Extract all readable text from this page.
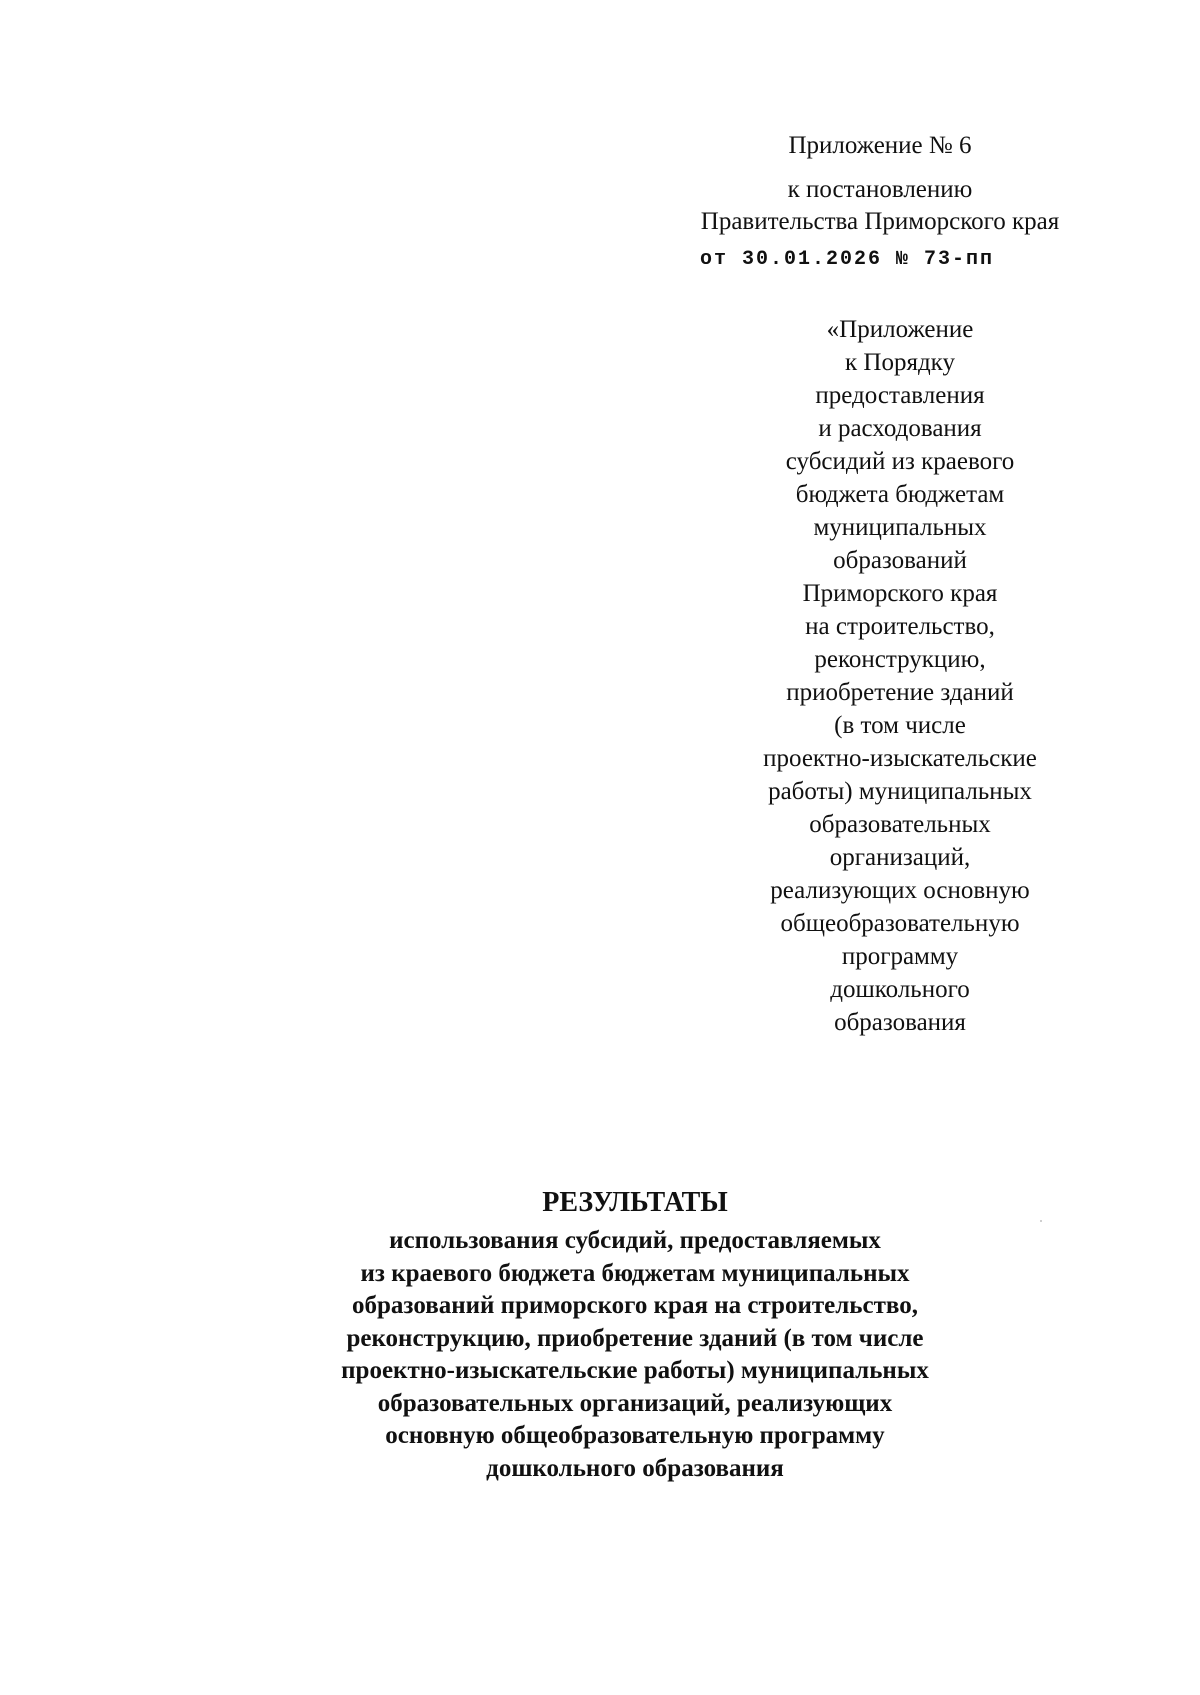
Приложение № 6
к постановлению
Правительства Приморского края
от 30.01.2026 № 73-пп
«Приложение
к Порядку
предоставления
и расходования
субсидий из краевого
бюджета бюджетам
муниципальных
образований
Приморского края
на строительство,
реконструкцию,
приобретение зданий
(в том числе
проектно-изыскательские
работы) муниципальных
образовательных
организаций,
реализующих основную
общеобразовательную
программу
дошкольного
образования
РЕЗУЛЬТАТЫ
использования субсидий, предоставляемых
из краевого бюджета бюджетам муниципальных
образований приморского края на строительство,
реконструкцию, приобретение зданий (в том числе
проектно-изыскательские работы) муниципальных
образовательных организаций, реализующих
основную общеобразовательную программу
дошкольного образования
